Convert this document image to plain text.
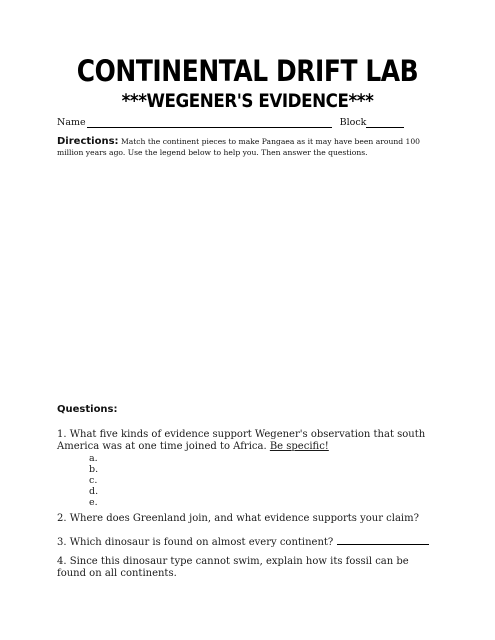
CONTINENTAL DRIFT LAB
***WEGENER'S EVIDENCE***
Name	Block
Directions: Match the continent pieces to make Pangaea as it may have been around 100 million years ago. Use the legend below to help you. Then answer the questions.
Questions:
1. What five kinds of evidence support Wegener's observation that south America was at one time joined to Africa. Be specific!
a.
b.
c.
d.
e.
2. Where does Greenland join, and what evidence supports your claim?
3. Which dinosaur is found on almost every continent?
4. Since this dinosaur type cannot swim, explain how its fossil can be found on all continents.
